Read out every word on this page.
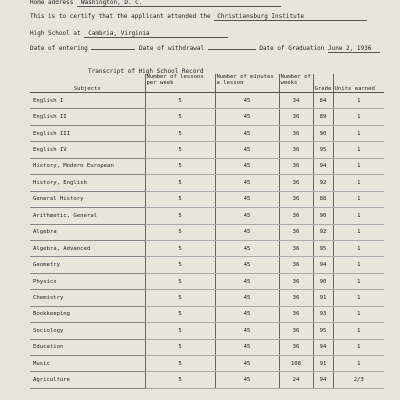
Home address Washington, D. C.
This is to certify that the applicant attended the Christiansburg Institute
High School at Cambria, Virginia
Date of entering	Date of withdrawal	Date of Graduation June 2, 1936
Transcript of High School Record
Subjects	Number of lessons per week	Number of minutes a lesson	Number of weeks	Grade	Units earned
English I	5	45	34	84	1
English II	5	45	36	89	1
English III	5	45	36	90	1
English IV	5	45	36	95	1
History, Modern European	5	45	36	94	1
History, English	5	45	36	92	1
General History	5	45	36	88	1
Arithmetic, General	5	45	36	90	1
Algebra	5	45	36	92	1
Algebra, Advanced	5	45	36	95	1
Geometry	5	45	36	94	1
Physics	5	45	36	90	1
Chemistry	5	45	36	91	1
Bookkeeping	5	45	36	93	1
Sociology	5	45	36	95	1
Education	5	45	36	94	1
Music	5	45	108	91	1
Agriculture	5	45	24	94	2/3
